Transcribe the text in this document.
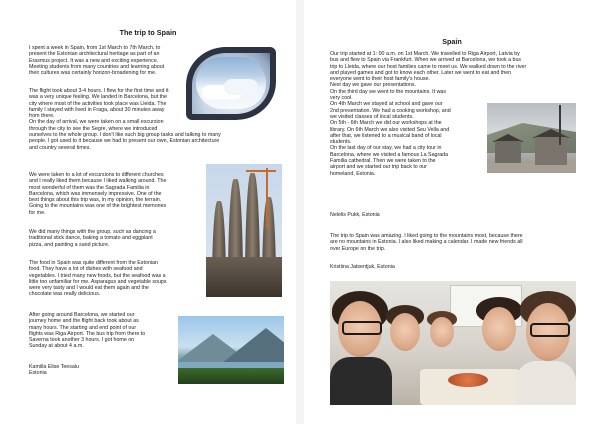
The trip to Spain

I spent a week in Spain, from 1st March to 7th March, to
present the Estonian architectural heritage as part of an
Erasmus project. It was a new and exciting experience.
Meeting students from many countries and learning about
their cultures was certainly horizon-broadening for me.

The flight took about 3-4 hours. I flew for the first time and it
was a very unique feeling. We landed in Barcelona, but the
city where most of the activities took place was Lleida. The
family I stayed with lived in Fraga, about 30 minutes away
from there.
On the day of arrival, we were taken on a small excursion
through the city to see the Segre, where we introduced
ourselves to the whole group. I don't like such big group tasks and talking to many
people. I got used to it because we had to present our own, Estonian architecture
and country several times.

We were taken to a lot of excursions to different churches
and I really liked them because I liked walking around. The
most wonderful of them was the Sagrada Familia in
Barcelona, which was immensely impressive. One of the
best things about this trip was, in my opinion, the terrain.
Going to the mountains was one of the brightest memories
for me.

We did many things with the group, such as dancing a
traditional stick dance, baking a tomato and eggplant
pizza, and painting a sand picture.

The food in Spain was quite different from the Estonian
food. They have a lot of dishes with seafood and
vegetables. I tried many new foods, but the seafood was a
little too unfamiliar for me. Asparagus and vegetable soups
were very tasty and I would eat them again and the
chocolate was really delicious.

After going around Barcelona, we started our
journey home and the flight back took about as
many hours. The starting and end point of our
flights was Riga Airport. The bus trip from there to
Saverna took another 3 hours. I got home on
Sunday at about 4 a.m.

Kamilla Elise Teesalu
Estonia

Spain

Our trip started at 1: 00 a.m. on 1st March. We travelled to Riga Airport, Latvia by
bus and flew to Spain via Frankfurt. When we arrived at Barcelona, we took a bus
trip to Lleida, where our host families came to meet us. We walked down to the river
and played games and got to know each other. Later we went to eat and then
everyone went to their host family's house.
Next day we gave our presentations.
On the third day we went to the mountains. It was
very cool.
On 4th March we stayed at school and gave our
2nd presentation. We had a cooking workshop, and
we visited classes of local students.
On 5th - 6th March we did our workshops at the
library. On 6th March we also visited Seu Vella and
after that, we listened to a musical band of local
students.
On the last day of our stay, we had a city tour in
Barcelona, where we visited a famous La Sagrada
Familia cathedral. Then we were taken to the
airport and we started our trip back to our
homeland, Estonia.

Nelelis Pukk, Estonia

The trip to Spain was amazing. I liked going to the mountains most, because there
are no mountains in Estonia. I also liked making a calendar. I made new friends all
over Europe on the trip.

Kristiina Jatsentjuk, Estonia
